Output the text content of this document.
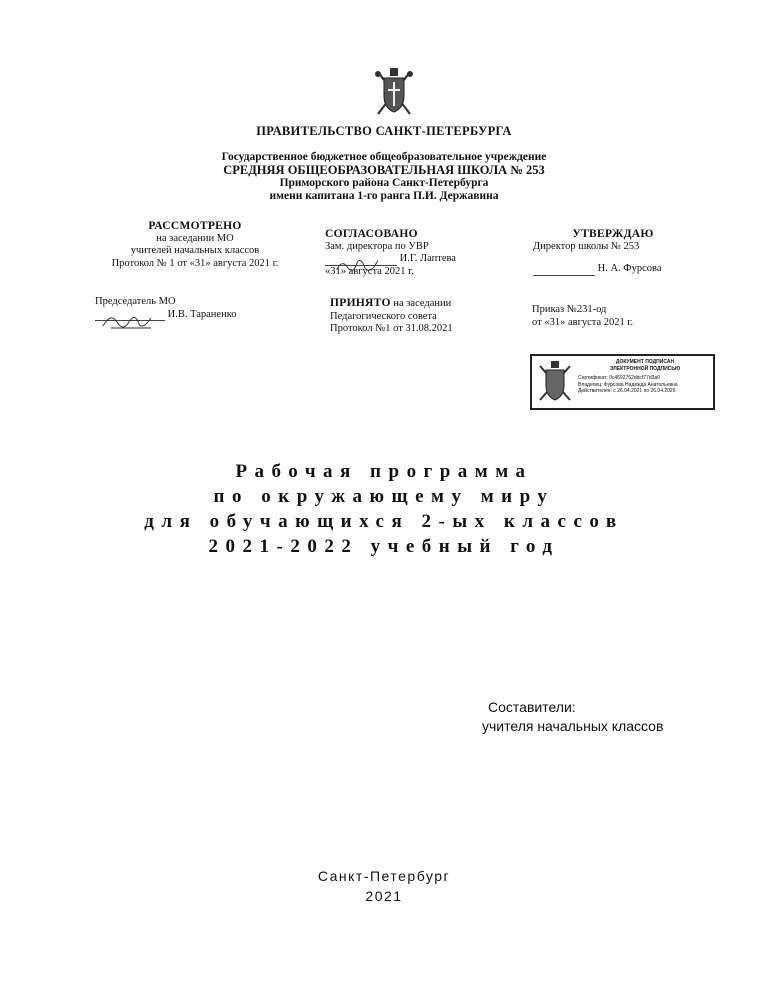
ПРАВИТЕЛЬСТВО САНКТ-ПЕТЕРБУРГА
Государственное бюджетное общеобразовательное учреждение
СРЕДНЯЯ ОБЩЕОБРАЗОВАТЕЛЬНАЯ ШКОЛА № 253
Приморского района Санкт-Петербурга
имени капитана 1-го ранга П.И. Державина
РАССМОТРЕНО
на заседании МО
учителей начальных классов
Протокол № 1 от «31» августа 2021 г.
Председатель МО
И.В. Тараненко
СОГЛАСОВАНО
Зам. директора по УВР
И.Г. Лаптева
«31» августа 2021 г.
ПРИНЯТО на заседании
Педагогического совета
Протокол №1 от 31.08.2021
УТВЕРЖДАЮ
Директор школы № 253
Н. А. Фурсова
Приказ №231-од
от «31» августа 2021 г.
ДОКУМЕНТ ПОДПИСАН
ЭЛЕКТРОННОЙ ПОДПИСЬЮ
Сертификат: 0c4692762ddcf77d3a0
Владелец: Фурсова Надежда Анатольевна
Действителен: с 26.04.2021 по 26.04.2026
Рабочая программа
по окружающему миру
для обучающихся 2-ых классов
2021-2022 учебный год
Составители:
учителя начальных классов
Санкт-Петербург
2021
